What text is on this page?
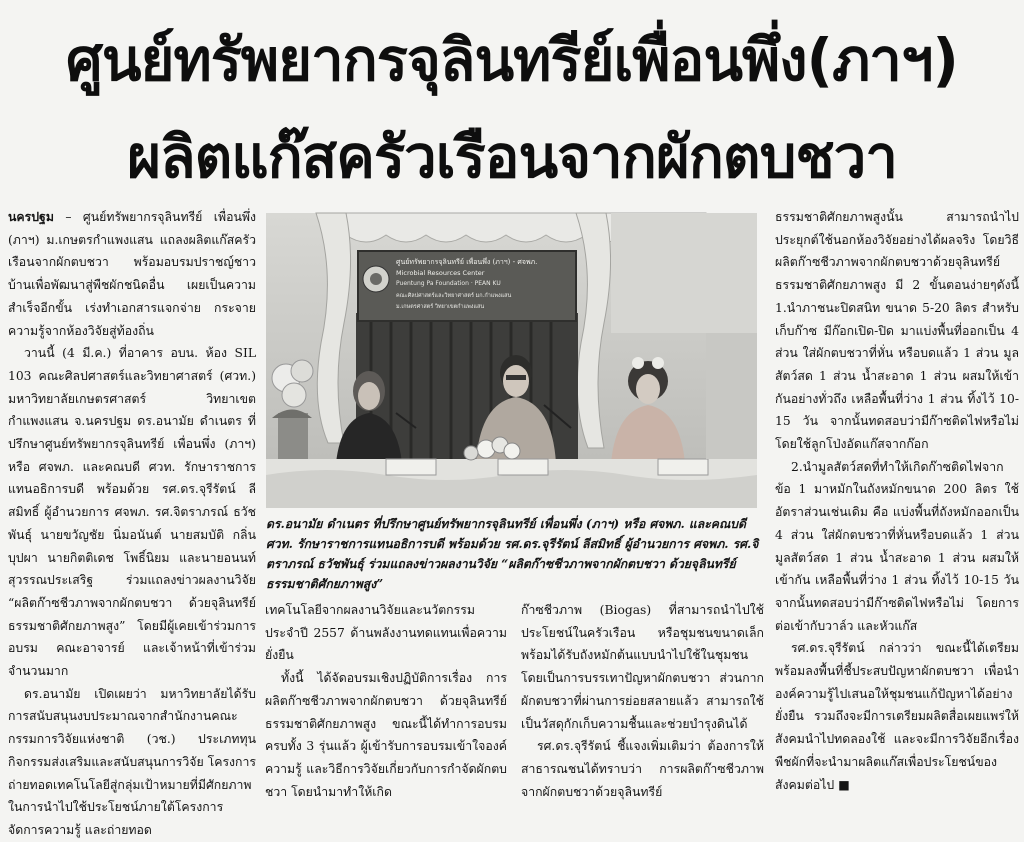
ศูนย์ทรัพยากรจุลินทรีย์เพื่อนพึ่ง(ภาฯ)
ผลิตแก๊สครัวเรือนจากผักตบชวา

นครปฐม – ศูนย์ทรัพยากรจุลินทรีย์ เพื่อนพึ่ง (ภาฯ) ม.เกษตรกำแพงแสน แถลงผลิตแก๊สครัวเรือนจากผักตบชวา พร้อมอบรมปราชญ์ชาวบ้านเพื่อพัฒนาสู่พืชผักชนิดอื่น เผยเป็นความสำเร็จอีกขั้น เร่งทำเอกสารแจกจ่าย กระจายความรู้จากห้องวิจัยสู่ท้องถิ่น

วานนี้ (4 มี.ค.) ที่อาคาร อบน. ห้อง SIL 103 คณะศิลปศาสตร์และวิทยาศาสตร์ (ศวท.) มหาวิทยาลัยเกษตรศาสตร์ วิทยาเขตกำแพงแสน จ.นครปฐม ดร.อนามัย ดำเนตร ที่ปรึกษาศูนย์ทรัพยากรจุลินทรีย์ เพื่อนพึ่ง (ภาฯ) หรือ ศจพภ. และคณบดี ศวท. รักษาราชการแทนอธิการบดี พร้อมด้วย รศ.ดร.จุรีรัตน์ ลีสมิทธิ์ ผู้อำนวยการ ศจพภ. รศ.จิตราภรณ์ ธวัชพันธุ์ นายขวัญชัย นิ่มอนันต์ นายสมบัติ กลิ่นบุปผา นายกิตติเดช โพธิ์นิยม และนายอนนท์ สุวรรณประเสริฐ ร่วมแถลงข่าวผลงานวิจัย “ผลิตก๊าซชีวภาพจากผักตบชวา ด้วยจุลินทรีย์ธรรมชาติศักยภาพสูง” โดยมีผู้เคยเข้าร่วมการอบรม คณะอาจารย์ และเจ้าหน้าที่เข้าร่วมจำนวนมาก

ดร.อนามัย เปิดเผยว่า มหาวิทยาลัยได้รับการสนับสนุนงบประมาณจากสำนักงานคณะกรรมการวิจัยแห่งชาติ (วช.) ประเภททุนกิจกรรมส่งเสริมและสนับสนุนการวิจัย โครงการถ่ายทอดเทคโนโลยีสู่กลุ่มเป้าหมายที่มีศักยภาพ ในการนำไปใช้ประโยชน์ภายใต้โครงการจัดการความรู้ และถ่ายทอด

ศูนย์ทรัพยากรจุลินทรีย์ เพื่อนพึ่ง (ภาฯ) - ศจพภ.
Microbial Resources Center
Puentung Pa Foundation · PEAN KU
คณะศิลปศาสตร์และวิทยาศาสตร์ มก.กำแพงแสน
ม.เกษตรศาสตร์ วิทยาเขตกำแพงแสน

ดร.อนามัย ดำเนตร ที่ปรึกษาศูนย์ทรัพยากรจุลินทรีย์ เพื่อนพึ่ง (ภาฯ) หรือ ศจพภ. และคณบดี ศวท. รักษาราชการแทนอธิการบดี พร้อมด้วย รศ.ดร.จุรีรัตน์ ลีสมิทธิ์ ผู้อำนวยการ ศจพภ. รศ.จิตราภรณ์ ธวัชพันธุ์ ร่วมแถลงข่าวผลงานวิจัย “ผลิตก๊าซชีวภาพจากผักตบชวา ด้วยจุลินทรีย์ธรรมชาติศักยภาพสูง”

เทคโนโลยีจากผลงานวิจัยและนวัตกรรม ประจำปี 2557 ด้านพลังงานทดแทนเพื่อความยั่งยืน

ทั้งนี้ ได้จัดอบรมเชิงปฏิบัติการเรื่อง การผลิตก๊าซชีวภาพจากผักตบชวา ด้วยจุลินทรีย์ธรรมชาติศักยภาพสูง ขณะนี้ได้ทำการอบรมครบทั้ง 3 รุ่นแล้ว ผู้เข้ารับการอบรมเข้าใจองค์ความรู้ และวิธีการวิจัยเกี่ยวกับการกำจัดผักตบชวา โดยนำมาทำให้เกิด

ก๊าซชีวภาพ (Biogas) ที่สามารถนำไปใช้ประโยชน์ในครัวเรือน หรือชุมชนขนาดเล็ก พร้อมได้รับถังหมักต้นแบบนำไปใช้ในชุมชน โดยเป็นการบรรเทาปัญหาผักตบชวา ส่วนกากผักตบชวาที่ผ่านการย่อยสลายแล้ว สามารถใช้เป็นวัสดุกักเก็บความชื้นและช่วยบำรุงดินได้

รศ.ดร.จุรีรัตน์ ชี้แจงเพิ่มเติมว่า ต้องการให้สาธารณชนได้ทราบว่า การผลิตก๊าซชีวภาพจากผักตบชวาด้วยจุลินทรีย์

ธรรมชาติศักยภาพสูงนั้น สามารถนำไปประยุกต์ใช้นอกห้องวิจัยอย่างได้ผลจริง โดยวิธีผลิตก๊าซชีวภาพจากผักตบชวาด้วยจุลินทรีย์ธรรมชาติศักยภาพสูง มี 2 ขั้นตอนง่ายๆดังนี้ 1.นำภาชนะปิดสนิท ขนาด 5-20 ลิตร สำหรับเก็บก๊าซ มีก๊อกเปิด-ปิด มาแบ่งพื้นที่ออกเป็น 4 ส่วน ใส่ผักตบชวาที่หั่น หรือบดแล้ว 1 ส่วน มูลสัตว์สด 1 ส่วน น้ำสะอาด 1 ส่วน ผสมให้เข้ากันอย่างทั่วถึง เหลือพื้นที่ว่าง 1 ส่วน ทิ้งไว้ 10-15 วัน จากนั้นทดสอบว่ามีก๊าซติดไฟหรือไม่ โดยใช้ลูกโป่งอัดแก๊สจากก๊อก

2.นำมูลสัตว์สดที่ทำให้เกิดก๊าซติดไฟจากข้อ 1 มาหมักในถังหมักขนาด 200 ลิตร ใช้อัตราส่วนเช่นเดิม คือ แบ่งพื้นที่ถังหมักออกเป็น 4 ส่วน ใส่ผักตบชวาที่หั่นหรือบดแล้ว 1 ส่วน มูลสัตว์สด 1 ส่วน น้ำสะอาด 1 ส่วน ผสมให้เข้ากัน เหลือพื้นที่ว่าง 1 ส่วน ทิ้งไว้ 10-15 วัน จากนั้นทดสอบว่ามีก๊าซติดไฟหรือไม่ โดยการต่อเข้ากับวาล์ว และหัวแก๊ส

รศ.ดร.จุรีรัตน์ กล่าวว่า ขณะนี้ได้เตรียมพร้อมลงพื้นที่ชี้ประสบปัญหาผักตบชวา เพื่อนำองค์ความรู้ไปเสนอให้ชุมชนแก้ปัญหาได้อย่างยั่งยืน รวมถึงจะมีการเตรียมผลิตสื่อเผยแพร่ให้สังคมนำไปทดลองใช้ และจะมีการวิจัยอีกเรื่องพืชผักที่จะนำมาผลิตแก๊สเพื่อประโยชน์ของสังคมต่อไป ■
